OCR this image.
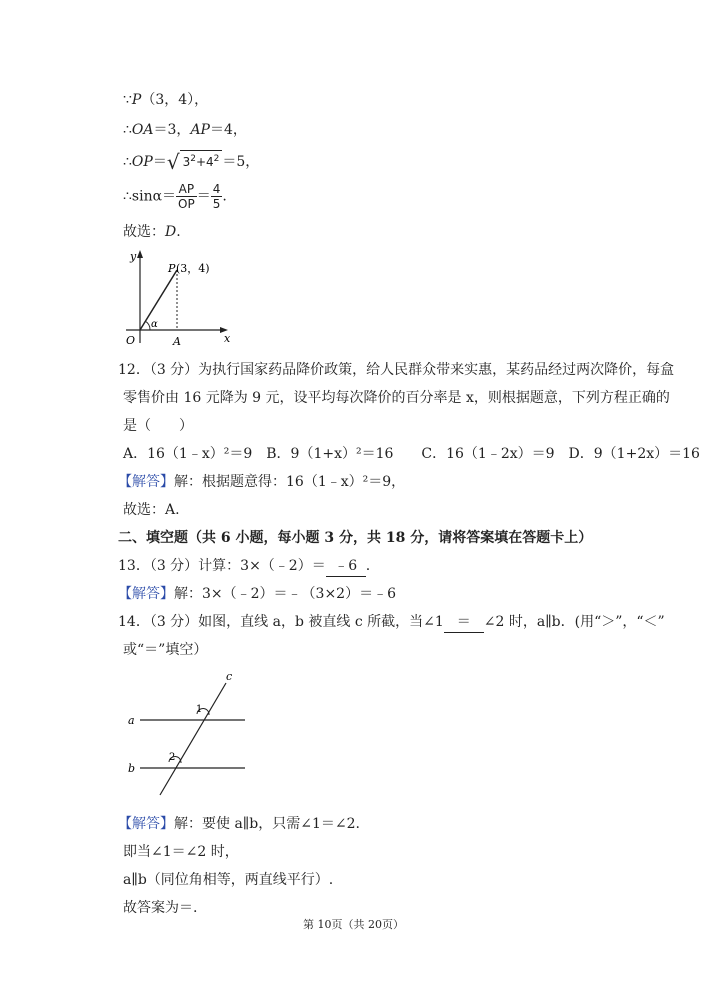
∵P（3，4），
∴OA＝3，AP＝4，
∴OP＝√ $3^2+4^2 =5$，
∴sinα＝ $\frac{AP}{OP} = \frac{4}{5}$ .
故选：D.
y
x
O
P (3，4)
A
α
12．（3 分）为执行国家药品降价政策，给人民群众带来实惠，某药品经过两次降价，每盒
零售价由 16 元降为 9 元，设平均每次降价的百分率是 x，则根据题意，下列方程正确的
是（　　）
A．16（1﹣x）²＝9　B．9（1+x）²＝16　　C．16（1﹣2x）＝9　D．9（1+2x）＝16
【解答】解：根据题意得：16（1﹣x）²＝9，
故选：A.
二、填空题（共 6 小题，每小题 3 分，共 18 分，请将答案填在答题卡上）
13．（3 分）计算：3×（﹣2）＝ ﹣6 .
【解答】解：3×（﹣2）＝﹣（3×2）＝﹣6
14．（3 分）如图，直线 a，b 被直线 c 所截，当∠1 ＝ ∠2 时，a∥b．(用“＞”，“＜”
或“＝”填空）
a
b
c
1
2
【解答】解：要使 a∥b，只需∠1＝∠2.
即当∠1＝∠2 时，
a∥b（同位角相等，两直线平行）.
故答案为＝.
第 10页（共 20页）
